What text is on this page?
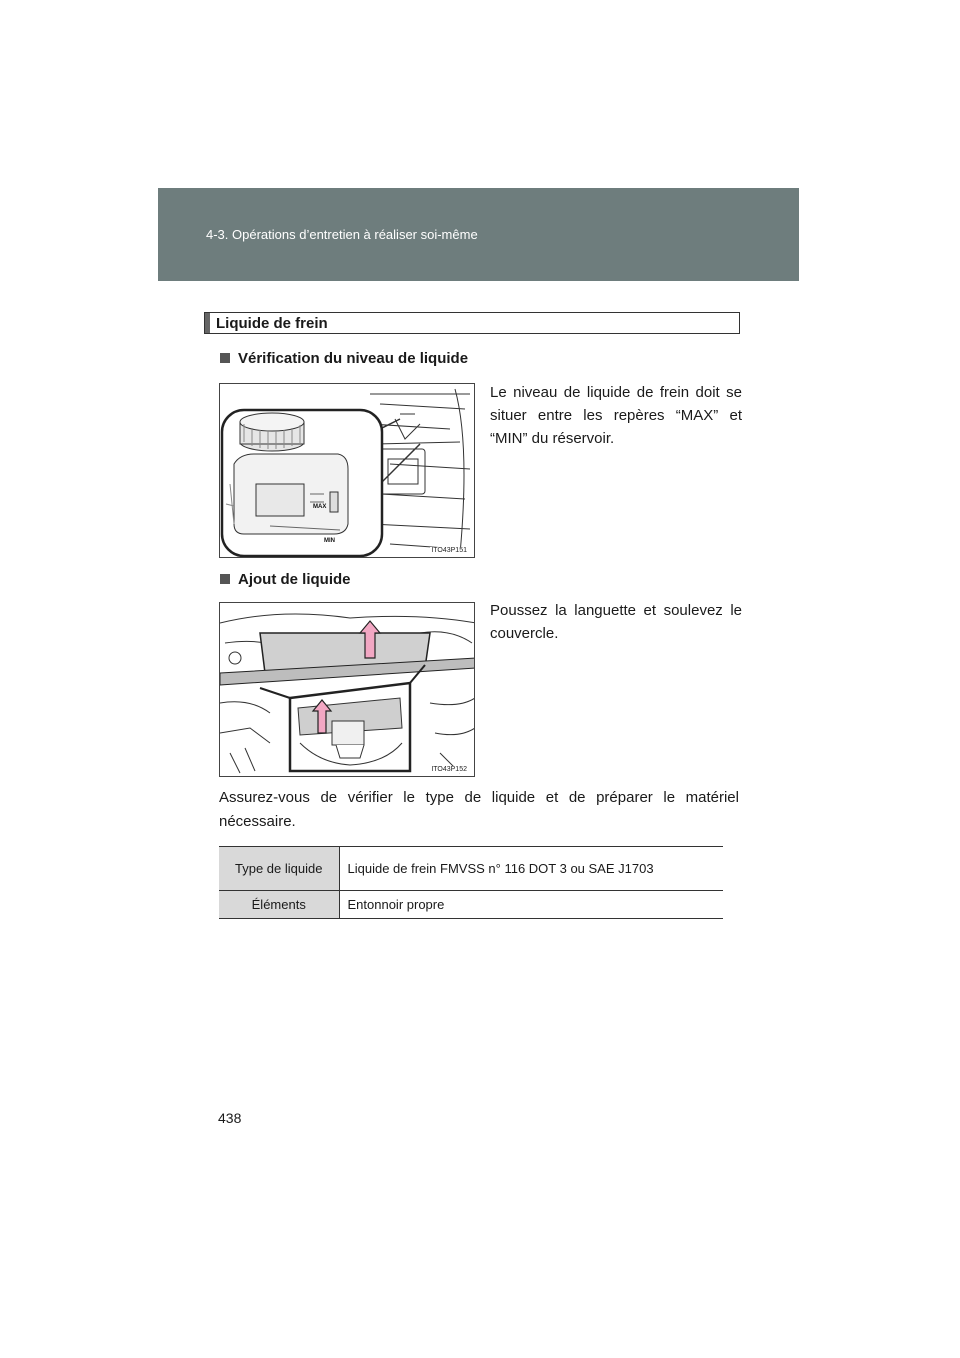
4-3. Opérations d’entretien à réaliser soi-même
Liquide de frein
Vérification du niveau de liquide
MAX
MIN
ITO43P151
Le niveau de liquide de frein doit se situer entre les repères “MAX” et “MIN” du réservoir.
Ajout de liquide
ITO43P152
Poussez la languette et soulevez le couvercle.
Assurez-vous de vérifier le type de liquide et de préparer le matériel nécessaire.
Type de liquide	Liquide de frein FMVSS n° 116 DOT 3 ou SAE J1703
Éléments	Entonnoir propre
438
